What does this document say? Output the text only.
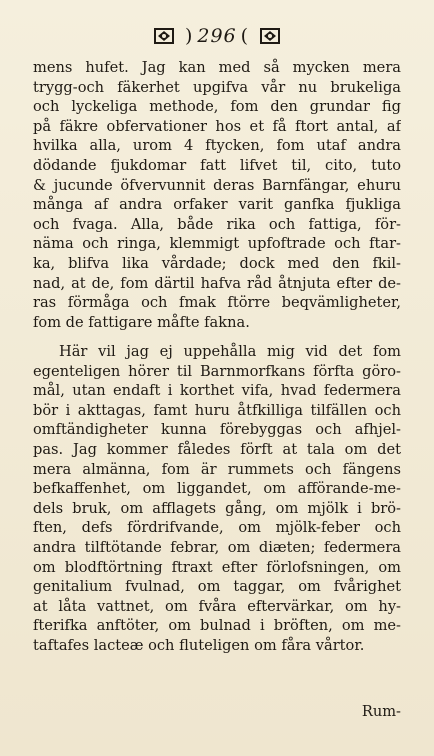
) 296 (
mens hufet. Jag kan med så mycken mera
trygg-och fäkerhet upgifva vår nu brukeliga
och lyckeliga methode, fom den grundar fig
på fäkre obfervationer hos et få ftort antal, af
hvilka alla, urom 4 ftycken, fom utaf andra
dödande fjukdomar fatt lifvet til, cito, tuto
& jucunde öfvervunnit deras Barnfängar, ehuru
många af andra orfaker varit ganfka fjukliga
och fvaga. Alla, både rika och fattiga, för-
nämа och ringa, klemmigt upfoftrade och ftar-
ka, blifva lika vårdade; dock med den fkil-
nad, at de, fom därtil hafva råd åtnjuta efter de-
ras förmåga och fmak ftörre beqvämligheter,
fom de fattigare måfte fakna.
Här vil jag ej uppehålla mig vid det fom
egenteligen hörer til Barnmorfkans förfta göro-
mål, utan endaft i korthet vifa, hvad federmera
bör i akttagas, famt huru åtfkilliga tilfällen och
omftändigheter kunna förebyggas och afhjel-
pas. Jag kommer fåledes förft at tala om det
mera almänna, fom är rummets och fängens
befkaffenhet, om liggandet, om afförande-me-
dels bruk, om afflagets gång, om mjölk i brö-
ften, defs fördrifvande, om mjölk-feber och
andra tilftötande febrar, om diæten; federmera
om blodftörtning ftraxt efter förlofsningen, om
genitalium fvulnad, om taggar, om fvårighet
at låta vattnet, om fvåra eftervärkar, om hy-
fterifka anftöter, om bulnad i bröften, om me-
taftafes lacteæ och fluteligen om fåra vårtor.
Rum-
